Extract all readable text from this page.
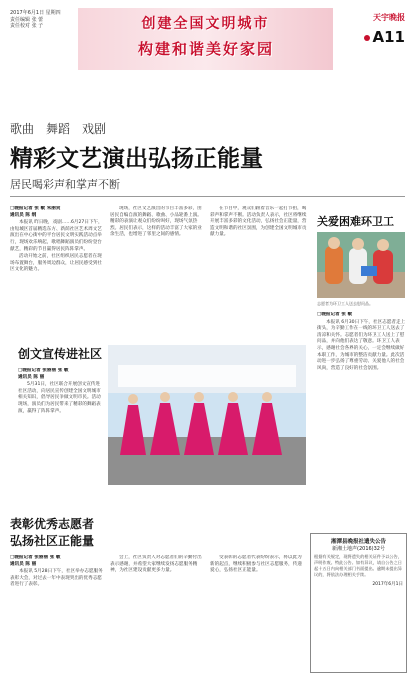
2017年6月1日 星期四
责任编辑 张 蕾
责任校对 张 子	创建全国文明城市
构建和谐美好家园
天宇晚报
A11
歌曲　舞蹈　戏剧
精彩文艺演出弘扬正能量
居民喝彩声和掌声不断

□晚报记者 张 敏 朱丽贤
通讯员 陈 纲

本报讯 昨日晚，戏剧……6月27日下午，由短城区首届精选东方、新荫社区艺术周文艺演出在中心街中的平台居民文明实践活动点举行，现场欢乐响起，歌唱舞蹈演员们纷纷登台献艺，精彩的节目赢得居民阵阵掌声。

活动开始之前，社区组织居民志愿者在现场布置舞台，服务周边群众，让居民感受到社区文化的魅力。

现场，社区文艺演出的节目丰富多彩，由居民自编自演的舞蹈、歌曲、小品轮番上演。精彩的表演让观众们纷纷叫好，现场气氛热烈。居民们表示，这样的活动丰富了大家的业余生活，也增进了邻里之间的感情。

在节目中，观众们跟着音乐一起打节拍，喝彩声和掌声不断。活动负责人表示，社区将继续开展丰富多彩的文化活动，弘扬社会正能量，营造文明和谐的社区氛围，为创建全国文明城市贡献力量。

关爱困难环卫工
志愿者为环卫工人送去慰问品。

□晚报记者 张 敏

本报讯 6月30日下午，社区志愿者走上街头，为辛勤工作在一线的环卫工人送去了清凉和关怀。志愿者们为环卫工人送上了慰问品，并向他们表达了敬意。环卫工人表示，感谢社会各界的关心，一定会继续做好本职工作，为城市的整洁贡献力量。此次活动进一步弘扬了尊重劳动、关爱他人的社会风尚，营造了良好的社会氛围。

创文宣传进社区

□晚报记者 张丽丽 张 敏
通讯员 陈 丽

5月31日，社区联合开展创文宣传进社区活动，向居民宣传创建全国文明城市相关知识，倡导居民争做文明市民。活动现场，演员们为居民带来了精彩的舞蹈表演，赢得了阵阵掌声。

表彰优秀志愿者
弘扬社区正能量

□晚报记者 张丽丽 张 敏
通讯员 陈 丽

本报讯 5月28日下午，社区举办志愿服务表彰大会，对过去一年中表现突出的优秀志愿者进行了表彰。

会上，社区负责人对志愿者们的辛勤付出表示感谢，并希望大家继续发扬志愿服务精神，为社区建设贡献更多力量。

受表彰的志愿者代表纷纷表示，将以此为新的起点，继续积极参与社区志愿服务，传递爱心，弘扬社区正能量。

湘潭县晚报社遗失公告
新湘土地声(2016)32号
根据有关规定，现将遗失的相关证件予以公告，声明作废。特此公告。如有异议，请自公告之日起十五日内向相关部门书面提出。逾期未提出异议的，将依法办理相关手续。
2017年6月1日
